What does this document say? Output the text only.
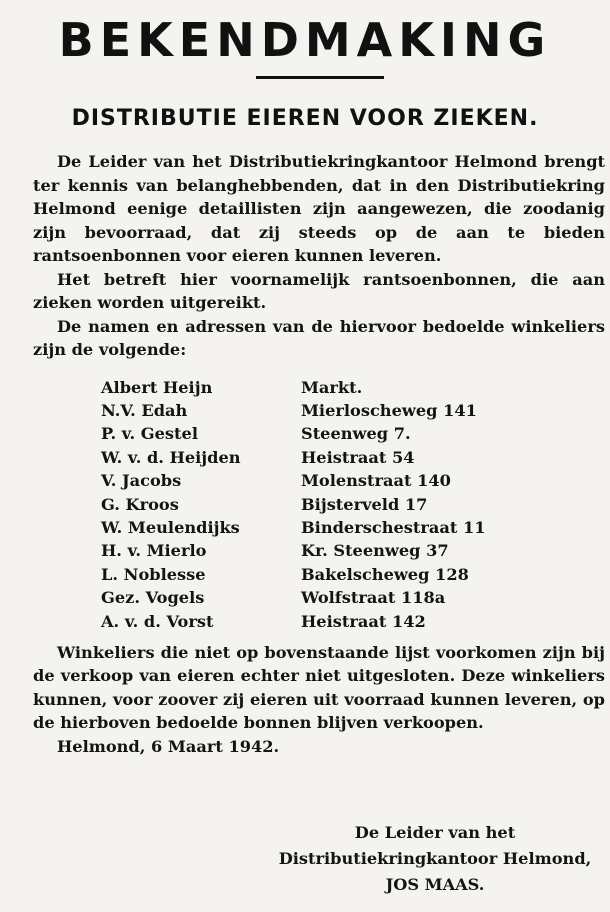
BEKENDMAKING
DISTRIBUTIE EIEREN VOOR ZIEKEN.

De Leider van het Distributiekringkantoor Helmond brengt ter kennis van belanghebbenden, dat in den Distributiekring Helmond eenige detaillisten zijn aangewezen, die zoodanig zijn bevoorraad, dat zij steeds op de aan te bieden rantsoenbonnen voor eieren kunnen leveren.

Het betreft hier voornamelijk rantsoenbonnen, die aan zieken worden uitgereikt.

De namen en adressen van de hiervoor bedoelde winkeliers zijn de volgende:

Albert Heijn	Markt.
N.V. Edah	Mierloscheweg 141
P. v. Gestel	Steenweg 7.
W. v. d. Heijden	Heistraat 54
V. Jacobs	Molenstraat 140
G. Kroos	Bijsterveld 17
W. Meulendijks	Binderschestraat 11
H. v. Mierlo	Kr. Steenweg 37
L. Noblesse	Bakelscheweg 128
Gez. Vogels	Wolfstraat 118a
A. v. d. Vorst	Heistraat 142

Winkeliers die niet op bovenstaande lijst voorkomen zijn bij de verkoop van eieren echter niet uitgesloten. Deze winkeliers kunnen, voor zoover zij eieren uit voorraad kunnen leveren, op de hierboven bedoelde bonnen blijven verkoopen.

Helmond, 6 Maart 1942.

De Leider van het
Distributiekringkantoor Helmond,
JOS MAAS.
